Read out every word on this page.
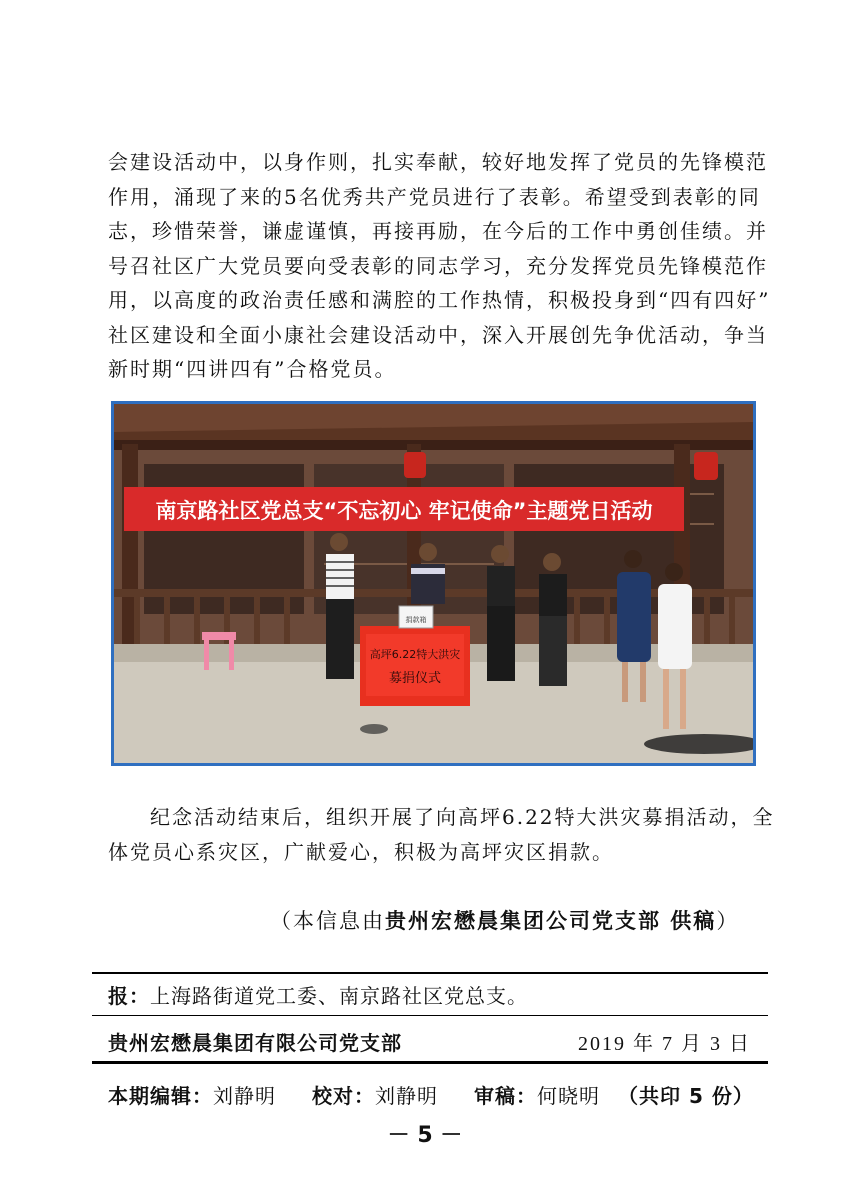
会建设活动中，以身作则，扎实奉献，较好地发挥了党员的先锋模范
作用，涌现了来的5名优秀共产党员进行了表彰。希望受到表彰的同
志，珍惜荣誉，谦虚谨慎，再接再励，在今后的工作中勇创佳绩。并
号召社区广大党员要向受表彰的同志学习，充分发挥党员先锋模范作
用，以高度的政治责任感和满腔的工作热情，积极投身到“四有四好”
社区建设和全面小康社会建设活动中，深入开展创先争优活动，争当
新时期“四讲四有”合格党员。
南京路社区党总支“不忘初心 牢记使命”主题党日活动
高坪6.22特大洪灾
募捐仪式
捐款箱
纪念活动结束后，组织开展了向高坪6.22特大洪灾募捐活动，全
体党员心系灾区，广献爱心，积极为高坪灾区捐款。
（本信息由贵州宏懋晨集团公司党支部 供稿）
报：上海路街道党工委、南京路社区党总支。
贵州宏懋晨集团有限公司党支部	2019 年 7 月 3 日
本期编辑：刘静明 校对：刘静明 审稿：何晓明 （共印 5 份）
－ 5 －
